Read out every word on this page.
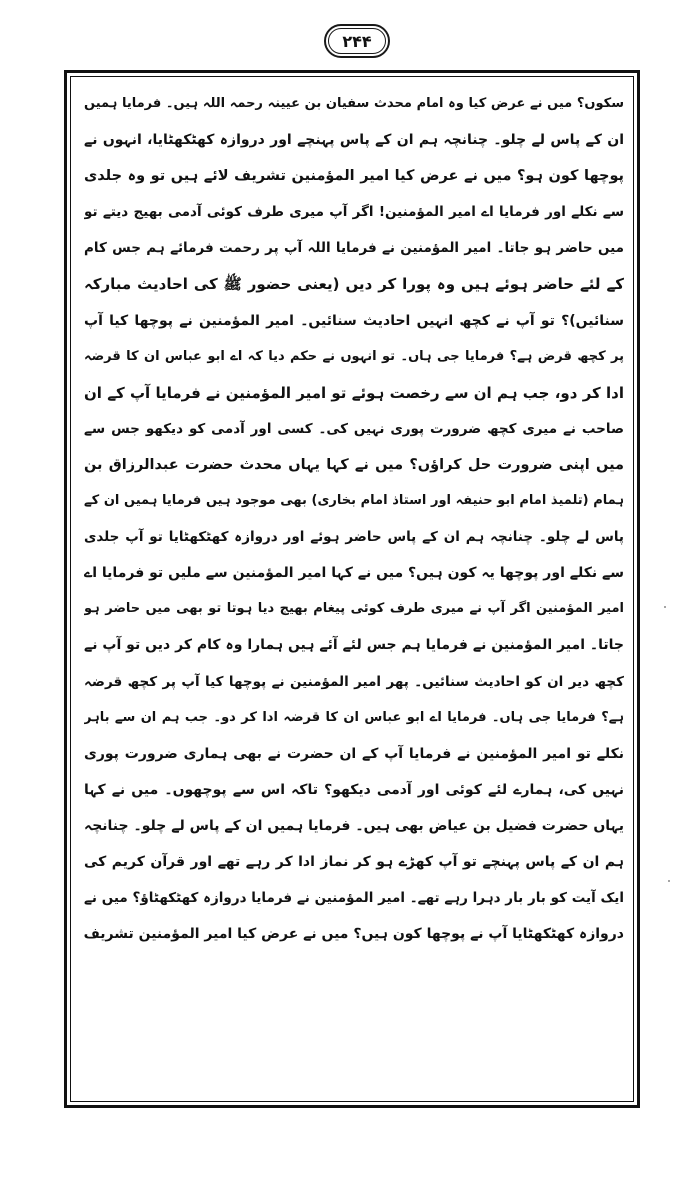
۲۴۴
سکوں؟ میں نے عرض کیا وہ امام محدث سفیان بن عیینہ رحمہ اللہ ہیں۔ فرمایا ہمیں
ان کے پاس لے چلو۔ چنانچہ ہم ان کے پاس پہنچے اور دروازہ کھٹکھٹایا، انہوں نے
پوچھا کون ہو؟ میں نے عرض کیا امیر المؤمنین تشریف لائے ہیں تو وہ جلدی
سے نکلے اور فرمایا اے امیر المؤمنین! اگر آپ میری طرف کوئی آدمی بھیج دیتے تو
میں حاضر ہو جاتا۔ امیر المؤمنین نے فرمایا اللہ آپ پر رحمت فرمائے ہم جس کام
کے لئے حاضر ہوئے ہیں وہ پورا کر دیں (یعنی حضور ﷺ کی احادیث مبارکہ
سنائیں)؟ تو آپ نے کچھ انہیں احادیث سنائیں۔ امیر المؤمنین نے پوچھا کیا آپ
پر کچھ قرض ہے؟ فرمایا جی ہاں۔ تو انہوں نے حکم دیا کہ اے ابو عباس ان کا قرضہ
ادا کر دو، جب ہم ان سے رخصت ہوئے تو امیر المؤمنین نے فرمایا آپ کے ان
صاحب نے میری کچھ ضرورت پوری نہیں کی۔ کسی اور آدمی کو دیکھو جس سے
میں اپنی ضرورت حل کراؤں؟ میں نے کہا یہاں محدث حضرت عبدالرزاق بن
ہمام (تلمیذ امام ابو حنیفہ اور استاذ امام بخاری) بھی موجود ہیں فرمایا ہمیں ان کے
پاس لے چلو۔ چنانچہ ہم ان کے پاس حاضر ہوئے اور دروازہ کھٹکھٹایا تو آپ جلدی
سے نکلے اور پوچھا یہ کون ہیں؟ میں نے کہا امیر المؤمنین سے ملیں تو فرمایا اے
امیر المؤمنین اگر آپ نے میری طرف کوئی پیغام بھیج دیا ہوتا تو بھی میں حاضر ہو
جاتا۔ امیر المؤمنین نے فرمایا ہم جس لئے آئے ہیں ہمارا وہ کام کر دیں تو آپ نے
کچھ دیر ان کو احادیث سنائیں۔ پھر امیر المؤمنین نے پوچھا کیا آپ پر کچھ قرضہ
ہے؟ فرمایا جی ہاں۔ فرمایا اے ابو عباس ان کا قرضہ ادا کر دو۔ جب ہم ان سے باہر
نکلے تو امیر المؤمنین نے فرمایا آپ کے ان حضرت نے بھی ہماری ضرورت پوری
نہیں کی، ہمارے لئے کوئی اور آدمی دیکھو؟ تاکہ اس سے پوچھوں۔ میں نے کہا
یہاں حضرت فضیل بن عیاض بھی ہیں۔ فرمایا ہمیں ان کے پاس لے چلو۔ چنانچہ
ہم ان کے پاس پہنچے تو آپ کھڑے ہو کر نماز ادا کر رہے تھے اور قرآن کریم کی
ایک آیت کو بار بار دہرا رہے تھے۔ امیر المؤمنین نے فرمایا دروازہ کھٹکھٹاؤ؟ میں نے
دروازہ کھٹکھٹایا آپ نے پوچھا کون ہیں؟ میں نے عرض کیا امیر المؤمنین تشریف
